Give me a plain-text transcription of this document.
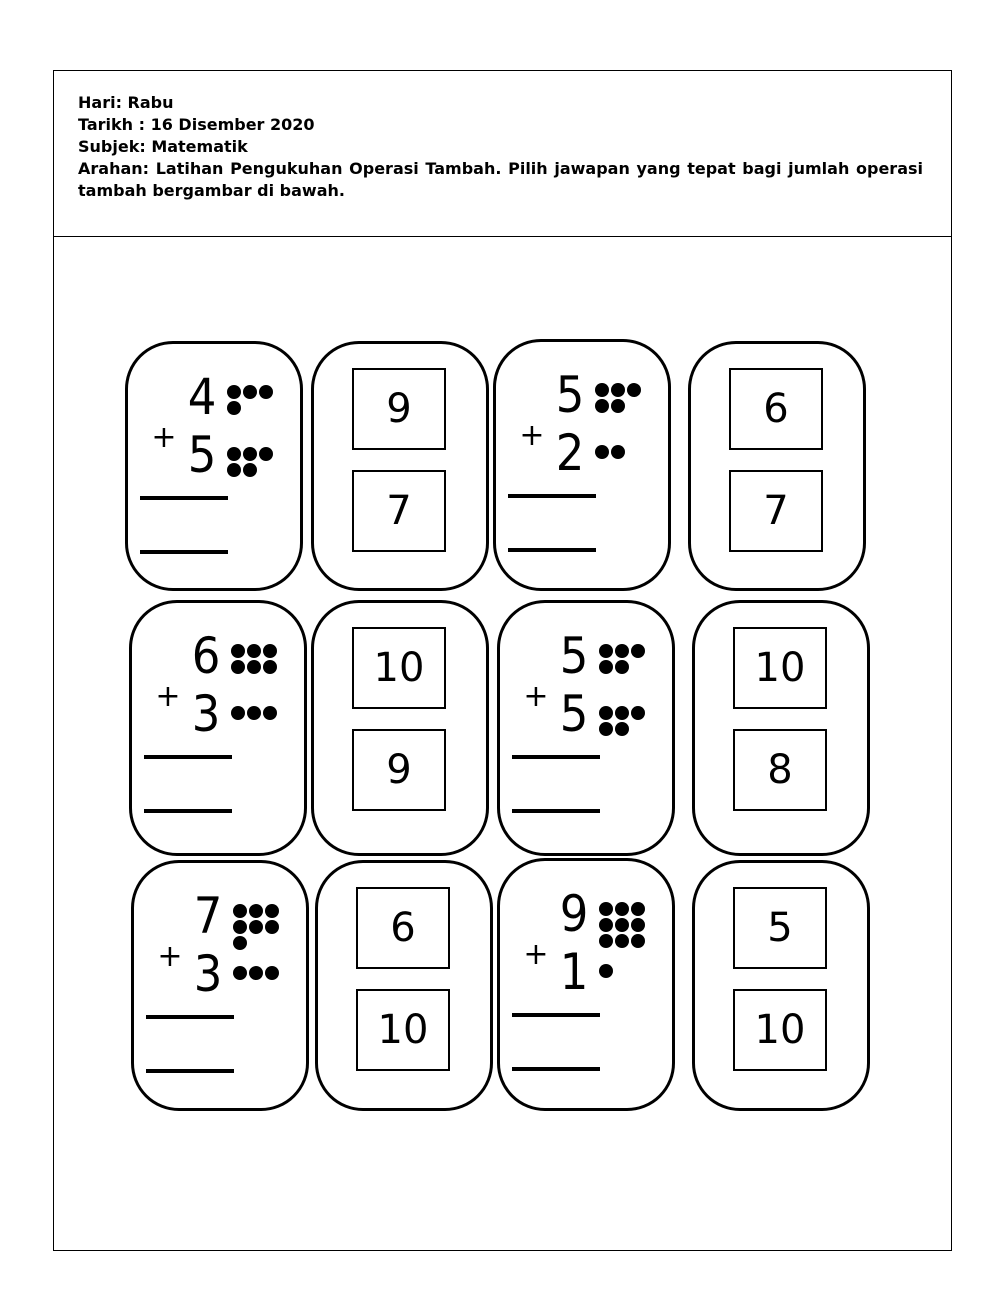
Hari: Rabu

Tarikh : 16 Disember 2020

Subjek: Matematik

Arahan: Latihan Pengukuhan Operasi Tambah. Pilih jawapan yang tepat bagi jumlah operasi tambah bergambar di bawah.

4
5
+
9
7
5
2
+
6
7
6
3
+
10
9
5
5
+
10
8
7
3
+
6
10
9
1
+
5
10
